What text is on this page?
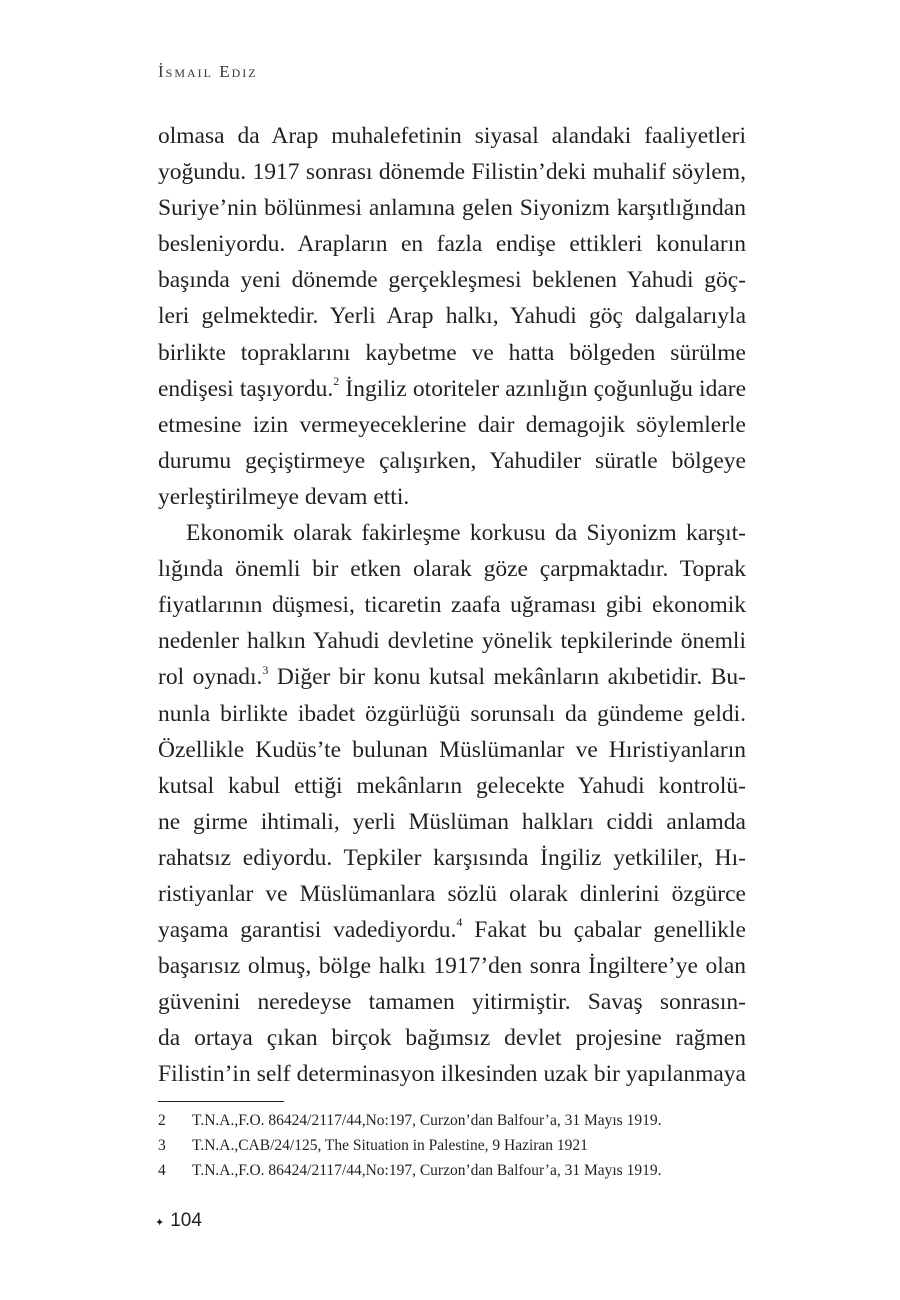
İsmail Ediz
olmasa da Arap muhalefetinin siyasal alandaki faaliyetleri
yoğundu. 1917 sonrası dönemde Filistin’deki muhalif söylem,
Suriye’nin bölünmesi anlamına gelen Siyonizm karşıtlığından
besleniyordu. Arapların en fazla endişe ettikleri konuların
başında yeni dönemde gerçekleşmesi beklenen Yahudi göç-
leri gelmektedir. Yerli Arap halkı, Yahudi göç dalgalarıyla
birlikte topraklarını kaybetme ve hatta bölgeden sürülme
endişesi taşıyordu.$^2$ İngiliz otoriteler azınlığın çoğunluğu idare
etmesine izin vermeyeceklerine dair demagojik söylemlerle
durumu geçiştirmeye çalışırken, Yahudiler süratle bölgeye
yerleştirilmeye devam etti.
Ekonomik olarak fakirleşme korkusu da Siyonizm karşıt-
lığında önemli bir etken olarak göze çarpmaktadır. Toprak
fiyatlarının düşmesi, ticaretin zaafa uğraması gibi ekonomik
nedenler halkın Yahudi devletine yönelik tepkilerinde önemli
rol oynadı.$^3$ Diğer bir konu kutsal mekânların akıbetidir. Bu-
nunla birlikte ibadet özgürlüğü sorunsalı da gündeme geldi.
Özellikle Kudüs’te bulunan Müslümanlar ve Hıristiyanların
kutsal kabul ettiği mekânların gelecekte Yahudi kontrolü-
ne girme ihtimali, yerli Müslüman halkları ciddi anlamda
rahatsız ediyordu. Tepkiler karşısında İngiliz yetkililer, Hı-
ristiyanlar ve Müslümanlara sözlü olarak dinlerini özgürce
yaşama garantisi vadediyordu.$^4$ Fakat bu çabalar genellikle
başarısız olmuş, bölge halkı 1917’den sonra İngiltere’ye olan
güvenini neredeyse tamamen yitirmiştir. Savaş sonrasın-
da ortaya çıkan birçok bağımsız devlet projesine rağmen
Filistin’in self determinasyon ilkesinden uzak bir yapılanmaya
2	T.N.A.,F.O. 86424/2117/44,No:197, Curzon’dan Balfour’a, 31 Mayıs 1919.
3	T.N.A.,CAB/24/125, The Situation in Palestine, 9 Haziran 1921
4	T.N.A.,F.O. 86424/2117/44,No:197, Curzon’dan Balfour’a, 31 Mayıs 1919.
✦ 104
